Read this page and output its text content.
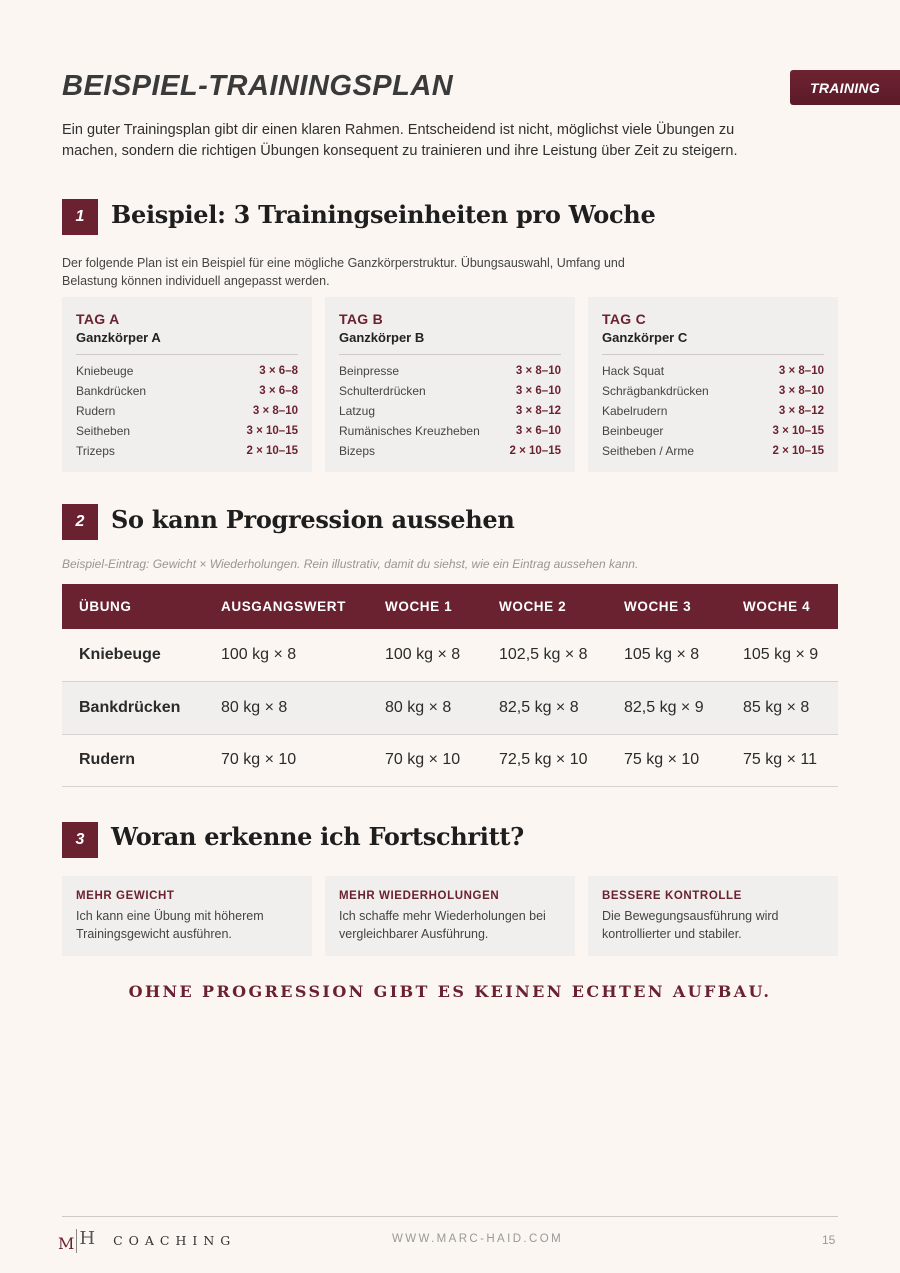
BEISPIEL-TRAININGSPLAN	TRAINING

Ein guter Trainingsplan gibt dir einen klaren Rahmen. Entscheidend ist nicht, möglichst viele Übungen zu machen, sondern die richtigen Übungen konsequent zu trainieren und ihre Leistung über Zeit zu steigern.

1	Beispiel: 3 Trainingseinheiten pro Woche

Der folgende Plan ist ein Beispiel für eine mögliche Ganzkörperstruktur. Übungsauswahl, Umfang und Belastung können individuell angepasst werden.

TAG A
Ganzkörper A
Kniebeuge	3 × 6–8
Bankdrücken	3 × 6–8
Rudern	3 × 8–10
Seitheben	3 × 10–15
Trizeps	2 × 10–15
TAG B
Ganzkörper B
Beinpresse	3 × 8–10
Schulterdrücken	3 × 6–10
Latzug	3 × 8–12
Rumänisches Kreuzheben	3 × 6–10
Bizeps	2 × 10–15
TAG C
Ganzkörper C
Hack Squat	3 × 8–10
Schrägbankdrücken	3 × 8–10
Kabelrudern	3 × 8–12
Beinbeuger	3 × 10–15
Seitheben / Arme	2 × 10–15
2	So kann Progression aussehen

Beispiel-Eintrag: Gewicht × Wiederholungen. Rein illustrativ, damit du siehst, wie ein Eintrag aussehen kann.

ÜBUNG	AUSGANGSWERT	WOCHE 1	WOCHE 2	WOCHE 3	WOCHE 4
Kniebeuge	100 kg × 8	100 kg × 8	102,5 kg × 8	105 kg × 8	105 kg × 9
Bankdrücken	80 kg × 8	80 kg × 8	82,5 kg × 8	82,5 kg × 9	85 kg × 8
Rudern	70 kg × 10	70 kg × 10	72,5 kg × 10	75 kg × 10	75 kg × 11
3	Woran erkenne ich Fortschritt?
MEHR GEWICHT
Ich kann eine Übung mit höherem Trainingsgewicht ausführen.
MEHR WIEDERHOLUNGEN
Ich schaffe mehr Wiederholungen bei vergleichbarer Ausführung.
BESSERE KONTROLLE
Die Bewegungsausführung wird kontrollierter und stabiler.
OHNE PROGRESSION GIBT ES KEINEN ECHTEN AUFBAU.
M H COACHING	WWW.MARC-HAID.COM	15
